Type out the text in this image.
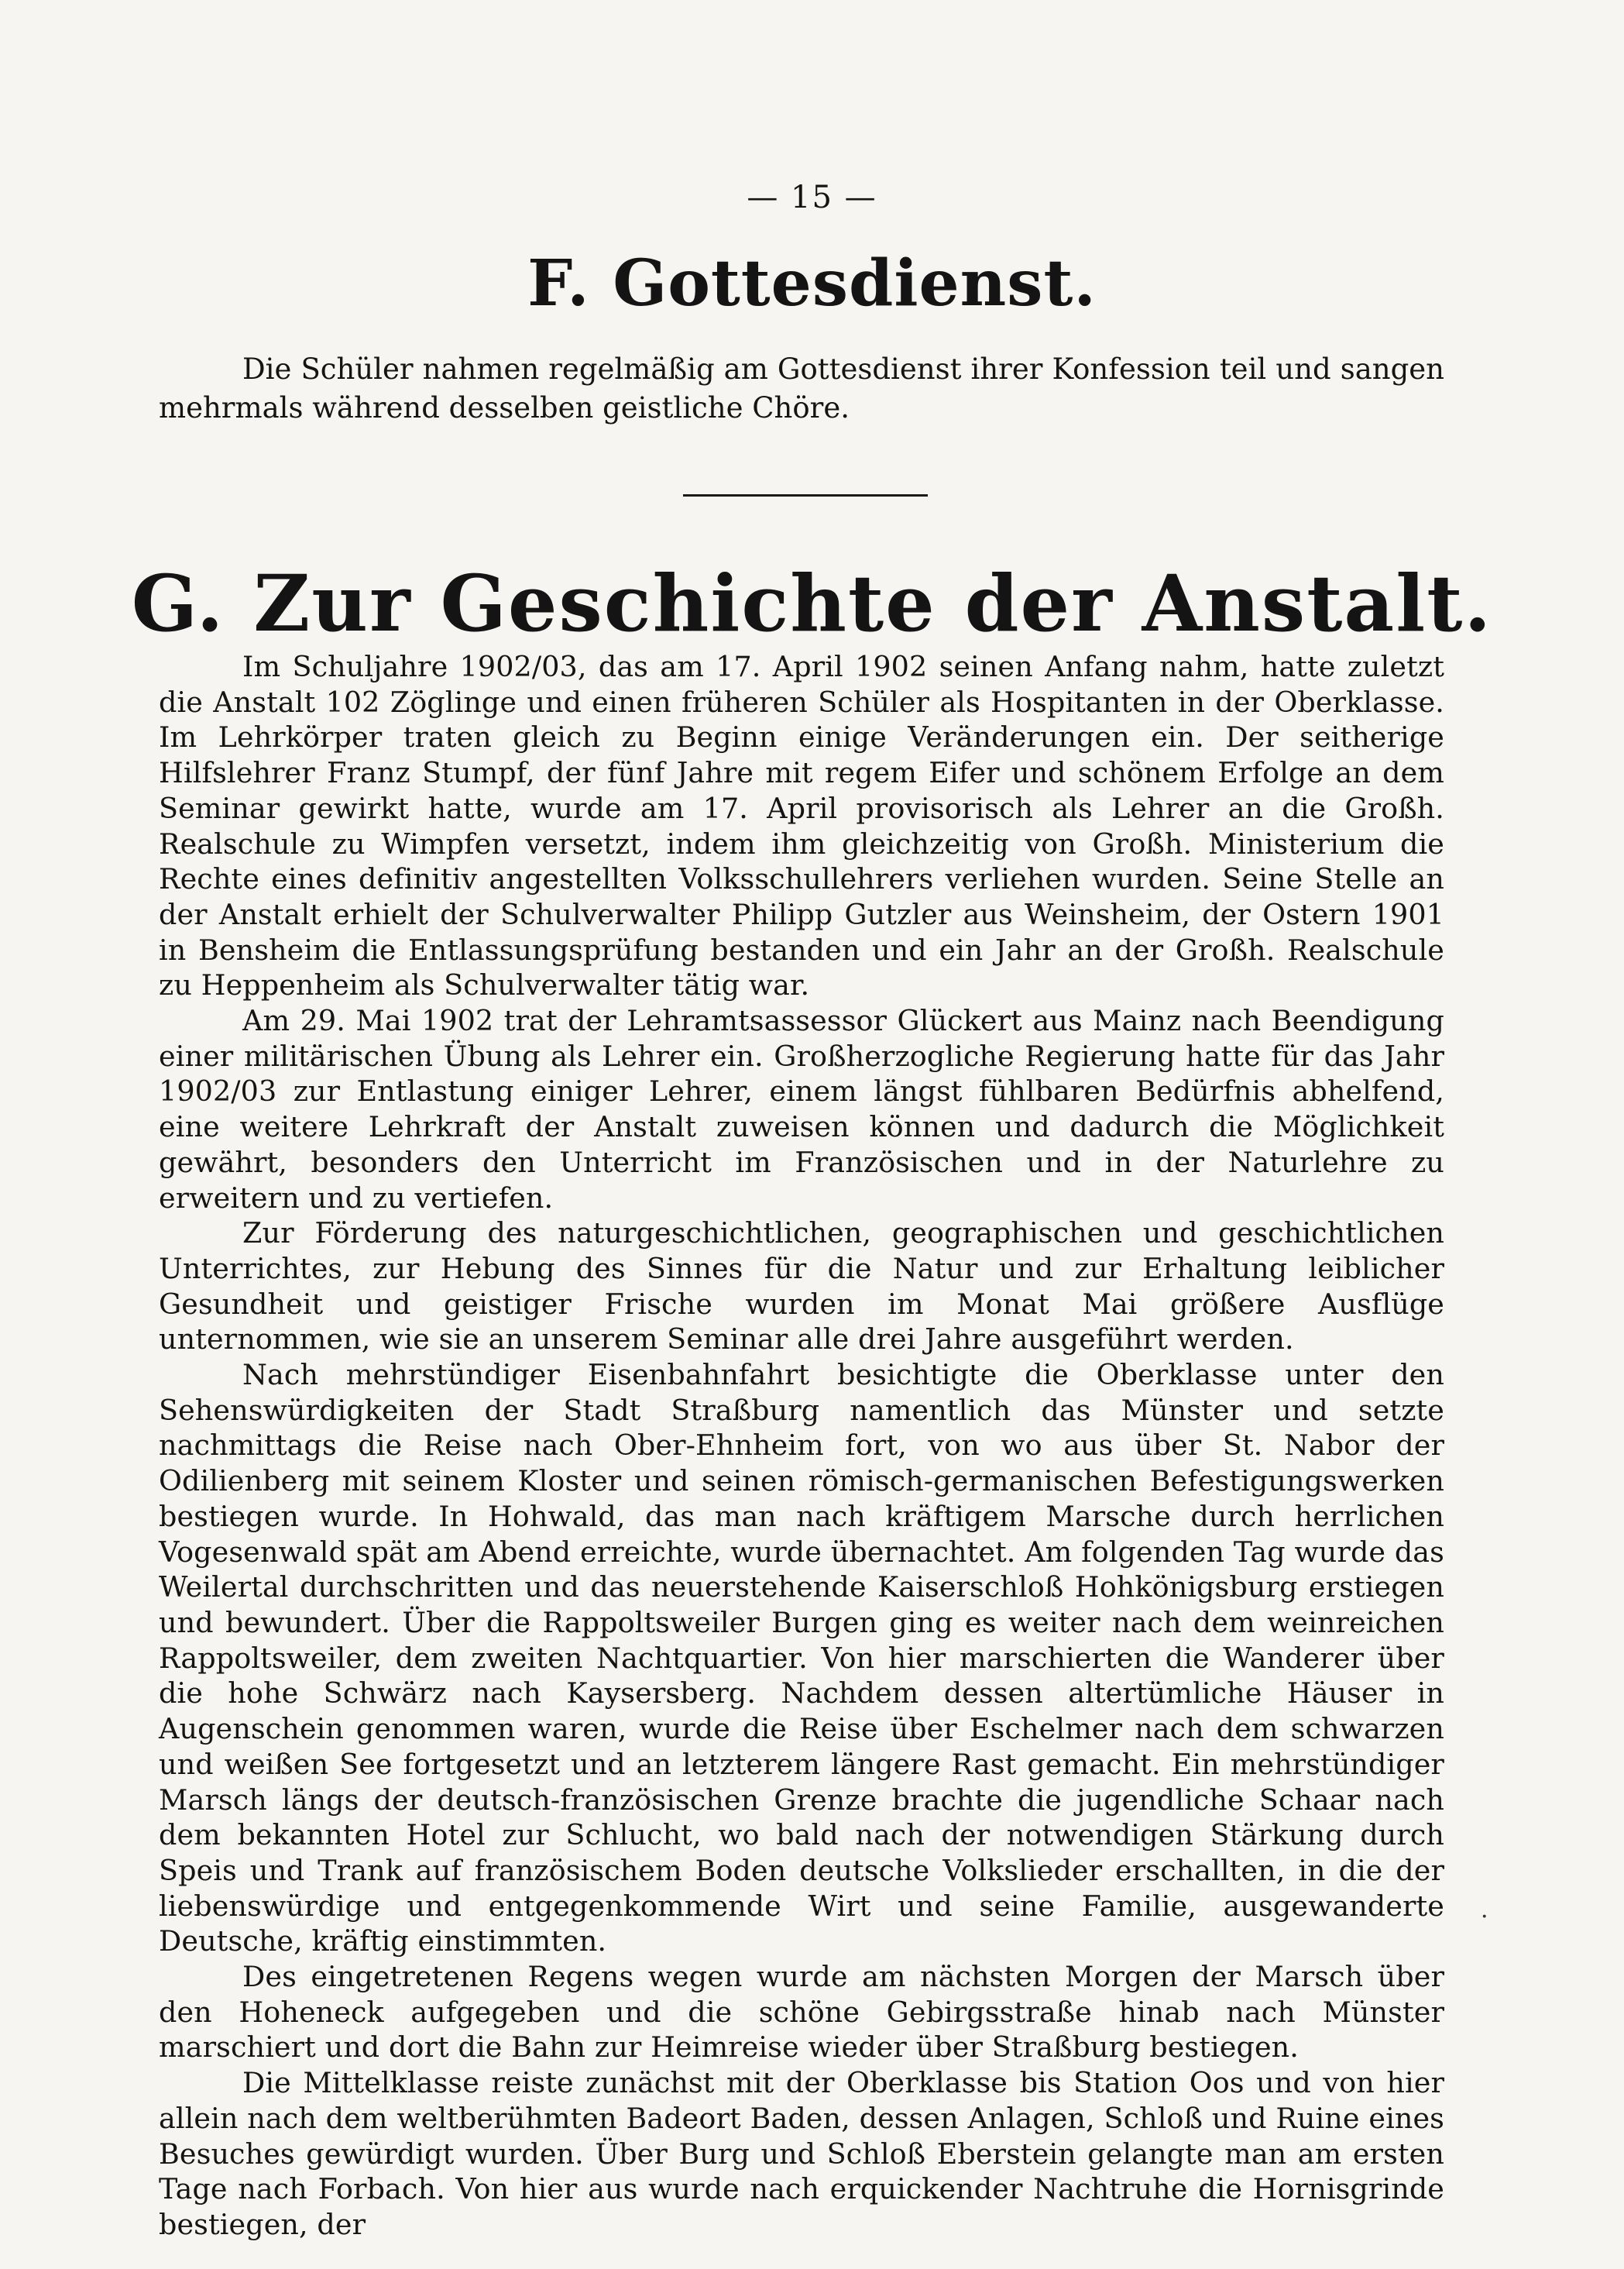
— 15 —
F. Gottesdienst.

Die Schüler nahmen regelmäßig am Gottesdienst ihrer Konfession teil und sangen mehrmals während desselben geistliche Chöre.

G. Zur Geschichte der Anstalt.

Im Schuljahre 1902/03, das am 17. April 1902 seinen Anfang nahm, hatte zuletzt die Anstalt 102 Zöglinge und einen früheren Schüler als Hospitanten in der Oberklasse. Im Lehrkörper traten gleich zu Beginn einige Veränderungen ein. Der seitherige Hilfslehrer Franz Stumpf, der fünf Jahre mit regem Eifer und schönem Erfolge an dem Seminar gewirkt hatte, wurde am 17. April provisorisch als Lehrer an die Großh. Realschule zu Wimpfen versetzt, indem ihm gleichzeitig von Großh. Ministerium die Rechte eines definitiv angestellten Volksschullehrers verliehen wurden. Seine Stelle an der Anstalt erhielt der Schulverwalter Philipp Gutzler aus Weinsheim, der Ostern 1901 in Bensheim die Entlassungsprüfung bestanden und ein Jahr an der Großh. Realschule zu Heppenheim als Schulverwalter tätig war.

Am 29. Mai 1902 trat der Lehramtsassessor Glückert aus Mainz nach Beendigung einer militärischen Übung als Lehrer ein. Großherzogliche Regierung hatte für das Jahr 1902/03 zur Entlastung einiger Lehrer, einem längst fühlbaren Bedürfnis abhelfend, eine weitere Lehrkraft der Anstalt zuweisen können und dadurch die Möglichkeit gewährt, besonders den Unterricht im Französischen und in der Naturlehre zu erweitern und zu vertiefen.

Zur Förderung des naturgeschichtlichen, geographischen und geschichtlichen Unterrichtes, zur Hebung des Sinnes für die Natur und zur Erhaltung leiblicher Gesundheit und geistiger Frische wurden im Monat Mai größere Ausflüge unternommen, wie sie an unserem Seminar alle drei Jahre ausgeführt werden.

Nach mehrstündiger Eisenbahnfahrt besichtigte die Oberklasse unter den Sehenswürdigkeiten der Stadt Straßburg namentlich das Münster und setzte nachmittags die Reise nach Ober-Ehnheim fort, von wo aus über St. Nabor der Odilienberg mit seinem Kloster und seinen römisch-germanischen Befestigungswerken bestiegen wurde. In Hohwald, das man nach kräftigem Marsche durch herrlichen Vogesenwald spät am Abend erreichte, wurde übernachtet. Am folgenden Tag wurde das Weilertal durchschritten und das neuerstehende Kaiserschloß Hohkönigsburg erstiegen und bewundert. Über die Rappoltsweiler Burgen ging es weiter nach dem weinreichen Rappoltsweiler, dem zweiten Nachtquartier. Von hier marschierten die Wanderer über die hohe Schwärz nach Kaysersberg. Nachdem dessen altertümliche Häuser in Augenschein genommen waren, wurde die Reise über Eschelmer nach dem schwarzen und weißen See fortgesetzt und an letzterem längere Rast gemacht. Ein mehrstündiger Marsch längs der deutsch-französischen Grenze brachte die jugendliche Schaar nach dem bekannten Hotel zur Schlucht, wo bald nach der notwendigen Stärkung durch Speis und Trank auf französischem Boden deutsche Volkslieder erschallten, in die der liebenswürdige und entgegenkommende Wirt und seine Familie, ausgewanderte Deutsche, kräftig einstimmten.

Des eingetretenen Regens wegen wurde am nächsten Morgen der Marsch über den Hoheneck aufgegeben und die schöne Gebirgsstraße hinab nach Münster marschiert und dort die Bahn zur Heimreise wieder über Straßburg bestiegen.

Die Mittelklasse reiste zunächst mit der Oberklasse bis Station Oos und von hier allein nach dem weltberühmten Badeort Baden, dessen Anlagen, Schloß und Ruine eines Besuches gewürdigt wurden. Über Burg und Schloß Eberstein gelangte man am ersten Tage nach Forbach. Von hier aus wurde nach erquickender Nachtruhe die Hornisgrinde bestiegen, der

·
